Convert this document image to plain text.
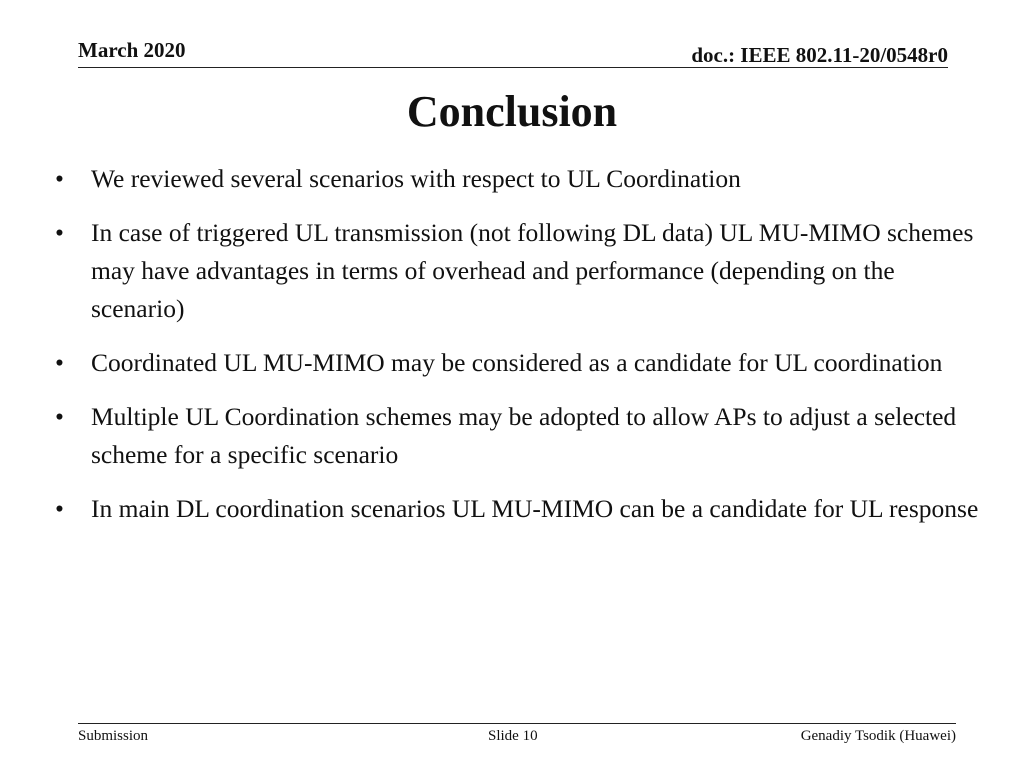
March 2020	doc.: IEEE 802.11-20/0548r0
Conclusion
• We reviewed several scenarios with respect to UL Coordination
• In case of triggered UL transmission (not following DL data) UL MU-MIMO schemes may have advantages in terms of overhead and performance (depending on the scenario)
• Coordinated UL MU-MIMO may be considered as a candidate for UL coordination
• Multiple UL Coordination schemes may be adopted to allow APs to adjust a selected scheme for a specific scenario
• In main DL coordination scenarios UL MU-MIMO can be a candidate for UL response
Submission	Slide 10	Genadiy Tsodik (Huawei)
